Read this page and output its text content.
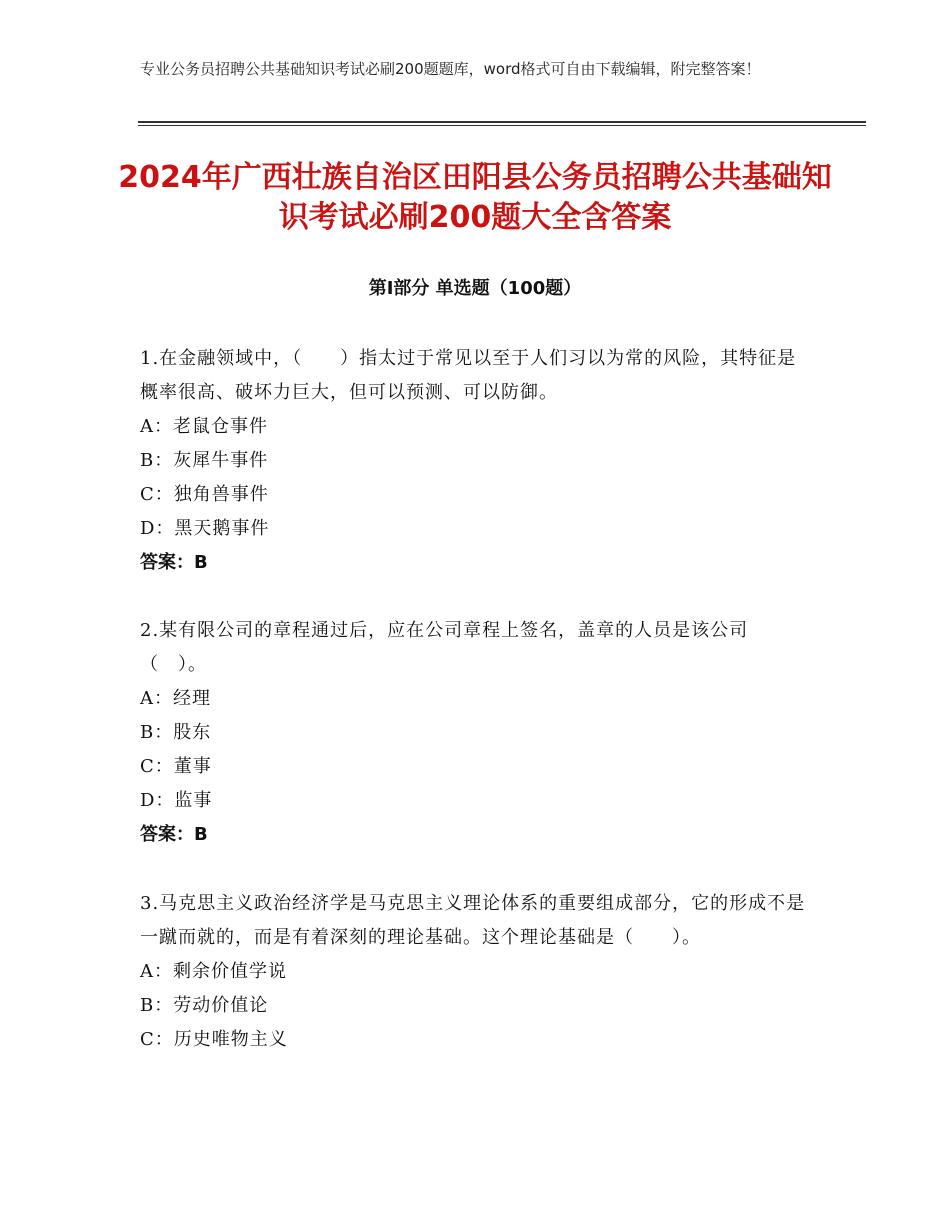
专业公务员招聘公共基础知识考试必刷200题题库，word格式可自由下载编辑，附完整答案！
2024年广西壮族自治区田阳县公务员招聘公共基础知识考试必刷200题大全含答案
第Ⅰ部分 单选题（100题）
1.在金融领域中，（　　）指太过于常见以至于人们习以为常的风险，其特征是概率很高、破坏力巨大，但可以预测、可以防御。
A：老鼠仓事件
B：灰犀牛事件
C：独角兽事件
D：黑天鹅事件
答案：B
2.某有限公司的章程通过后，应在公司章程上签名，盖章的人员是该公司（　）。
A：经理
B：股东
C：董事
D：监事
答案：B
3.马克思主义政治经济学是马克思主义理论体系的重要组成部分，它的形成不是一蹴而就的，而是有着深刻的理论基础。这个理论基础是（　　）。
A：剩余价值学说
B：劳动价值论
C：历史唯物主义
